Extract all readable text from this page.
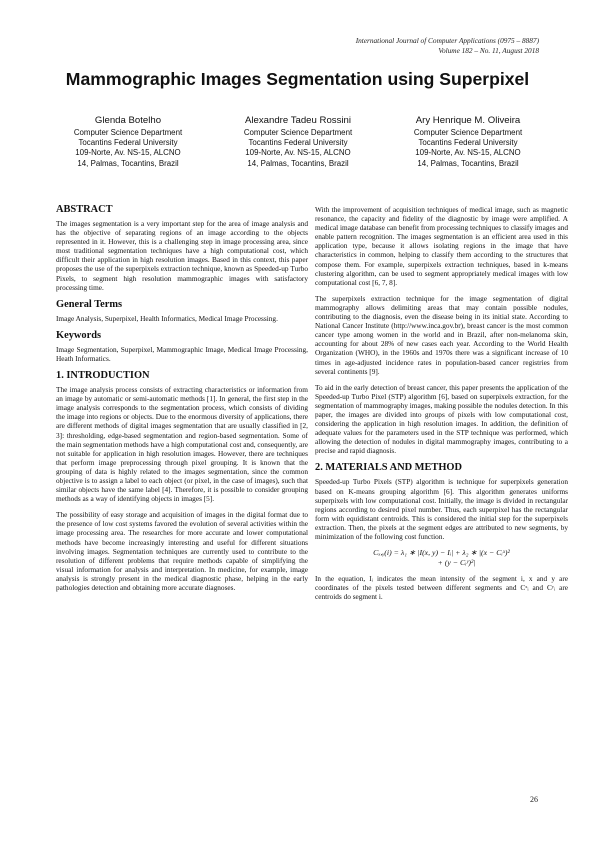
International Journal of Computer Applications (0975 – 8887)
Volume 182 – No. 11, August 2018
Mammographic Images Segmentation using Superpixel
Glenda Botelho
Computer Science Department
Tocantins Federal University
109-Norte, Av. NS-15, ALCNO
14, Palmas, Tocantins, Brazil
Alexandre Tadeu Rossini
Computer Science Department
Tocantins Federal University
109-Norte, Av. NS-15, ALCNO
14, Palmas, Tocantins, Brazil
Ary Henrique M. Oliveira
Computer Science Department
Tocantins Federal University
109-Norte, Av. NS-15, ALCNO
14, Palmas, Tocantins, Brazil
ABSTRACT

The images segmentation is a very important step for the area of image analysis and has the objective of separating regions of an image according to the objects represented in it. However, this is a challenging step in image processing area, since most traditional segmentation techniques have a high computational cost, which difficult their application in high resolution images. Based in this context, this paper proposes the use of the superpixels extraction technique, known as Speeded-up Turbo Pixels, to segment high resolution mammographic images with satisfactory processing time.

General Terms

Image Analysis, Superpixel, Health Informatics, Medical Image Processing.

Keywords

Image Segmentation, Superpixel, Mammographic Image, Medical Image Processing, Heath Informatics.

1. INTRODUCTION

The image analysis process consists of extracting characteristics or information from an image by automatic or semi-automatic methods [1]. In general, the first step in the image analysis corresponds to the segmentation process, which consists of dividing the image into regions or objects. Due to the enormous diversity of applications, there are different methods of digital images segmentation that are usually classified in [2, 3]: thresholding, edge-based segmentation and region-based segmentation. Some of the main segmentation methods have a high computational cost and, consequently, are not suitable for application in high resolution images. However, there are techniques that perform image preprocessing through pixel grouping. It is known that the grouping of data is highly related to the images segmentation, since the common objective is to assign a label to each object (or pixel, in the case of images), such that similar objects have the same label [4]. Therefore, it is possible to consider grouping methods as a way of identifying objects in images [5].

The possibility of easy storage and acquisition of images in the digital format due to the presence of low cost systems favored the evolution of several activities within the image processing area. The researches for more accurate and lower computational methods have become increasingly interesting and useful for different situations involving images. Segmentation techniques are currently used to contribute to the resolution of different problems that require methods capable of simplifying the visual information for analysis and interpretation. In medicine, for example, image analysis is strongly present in the medical diagnostic phase, helping in the early pathologies detection and obtaining more accurate diagnoses.

With the improvement of acquisition techniques of medical image, such as magnetic resonance, the capacity and fidelity of the diagnostic by image were amplified. A medical image database can benefit from processing techniques to classify images and enable pattern recognition. The images segmentation is an efficient area used in this application type, because it allows isolating regions in the image that have characteristics in common, helping to classify them according to the structures that compose them. For example, superpixels extraction techniques, based in k-means clustering algorithm, can be used to segment appropriately medical images with low computational cost [6, 7, 8].

The superpixels extraction technique for the image segmentation of digital mammography allows delimiting areas that may contain possible nodules, contributing to the diagnosis, even the disease being in its initial state. According to National Cancer Institute (http://www.inca.gov.br), breast cancer is the most common cancer type among women in the world and in Brazil, after non-melanoma skin, accounting for about 28% of new cases each year. According to the World Health Organization (WHO), in the 1960s and 1970s there was a significant increase of 10 times in age-adjusted incidence rates in population-based cancer registries from several continents [9].

To aid in the early detection of breast cancer, this paper presents the application of the Speeded-up Turbo Pixel (STP) algorithm [6], based on superpixels extraction, for the segmentation of mammography images, making possible the nodules detection. In this paper, the images are divided into groups of pixels with low computational cost, considering the application in high resolution images. In addition, the definition of adequate values for the parameters used in the STP technique was performed, which allowing the detection of nodules in digital mammography images, contributing to a precise and rapid diagnosis.

2. MATERIALS AND METHOD

Speeded-up Turbo Pixels (STP) algorithm is technique for superpixels generation based on K-means grouping algorithm [6]. This algorithm generates uniforms superpixels with low computational cost. Initially, the image is divided in rectangular regions according to desired pixel number. Thus, each superpixel has the rectangular form with equidistant centroids. This is considered the initial step for the superpixels extraction. Then, the pixels at the segment edges are attributed to new segments, by minimization of the following cost function.

Cₓ,ᵧ(i) = λ₁ ∗ |I(x, y) − Iᵢ| + λ₂ ∗ |(x − Cᵢˣ)²
+ (y − Cᵢʸ)²|

In the equation, Iᵢ indicates the mean intensity of the segment i, x and y are coordinates of the pixels tested between different segments and Cˣᵢ and Cʸᵢ are centroids do segment i.

26
